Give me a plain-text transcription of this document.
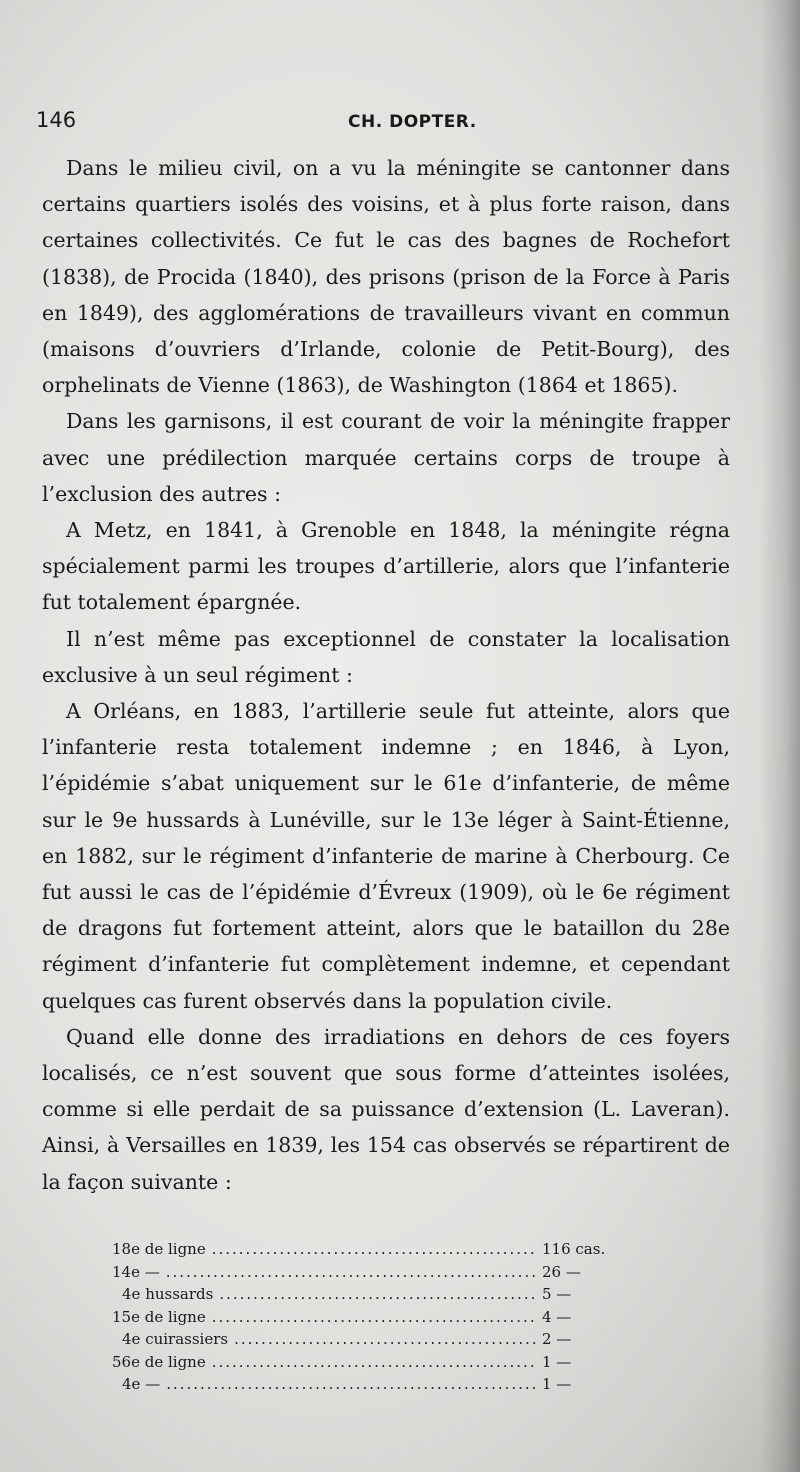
146	CH. DOPTER.

Dans le milieu civil, on a vu la méningite se cantonner dans certains quartiers isolés des voisins, et à plus forte raison, dans certaines collectivités. Ce fut le cas des bagnes de Rochefort (1838), de Procida (1840), des prisons (prison de la Force à Paris en 1849), des agglomérations de travailleurs vivant en commun (maisons d’ouvriers d’Irlande, colonie de Petit-Bourg), des orphelinats de Vienne (1863), de Washington (1864 et 1865).

Dans les garnisons, il est courant de voir la méningite frapper avec une prédilection marquée certains corps de troupe à l’exclusion des autres :

A Metz, en 1841, à Grenoble en 1848, la méningite régna spécialement parmi les troupes d’artillerie, alors que l’infanterie fut totalement épargnée.

Il n’est même pas exceptionnel de constater la localisation exclusive à un seul régiment :

A Orléans, en 1883, l’artillerie seule fut atteinte, alors que l’infanterie resta totalement indemne ; en 1846, à Lyon, l’épidémie s’abat uniquement sur le 61e d’infanterie, de même sur le 9e hussards à Lunéville, sur le 13e léger à Saint-Étienne, en 1882, sur le régiment d’infanterie de marine à Cherbourg. Ce fut aussi le cas de l’épidémie d’Évreux (1909), où le 6e régiment de dragons fut fortement atteint, alors que le bataillon du 28e régiment d’infanterie fut complètement indemne, et cependant quelques cas furent observés dans la population civile.

Quand elle donne des irradiations en dehors de ces foyers localisés, ce n’est souvent que sous forme d’atteintes isolées, comme si elle perdait de sa puissance d’extension (L. Laveran). Ainsi, à Versailles en 1839, les 154 cas observés se répartirent de la façon suivante :

18e de ligne .....	116 cas.
14e — .....	26 —
4e hussards .....	5 —
15e de ligne .....	4 —
4e cuirassiers .....	2 —
56e de ligne .....	1 —
4e — .....	1 —
